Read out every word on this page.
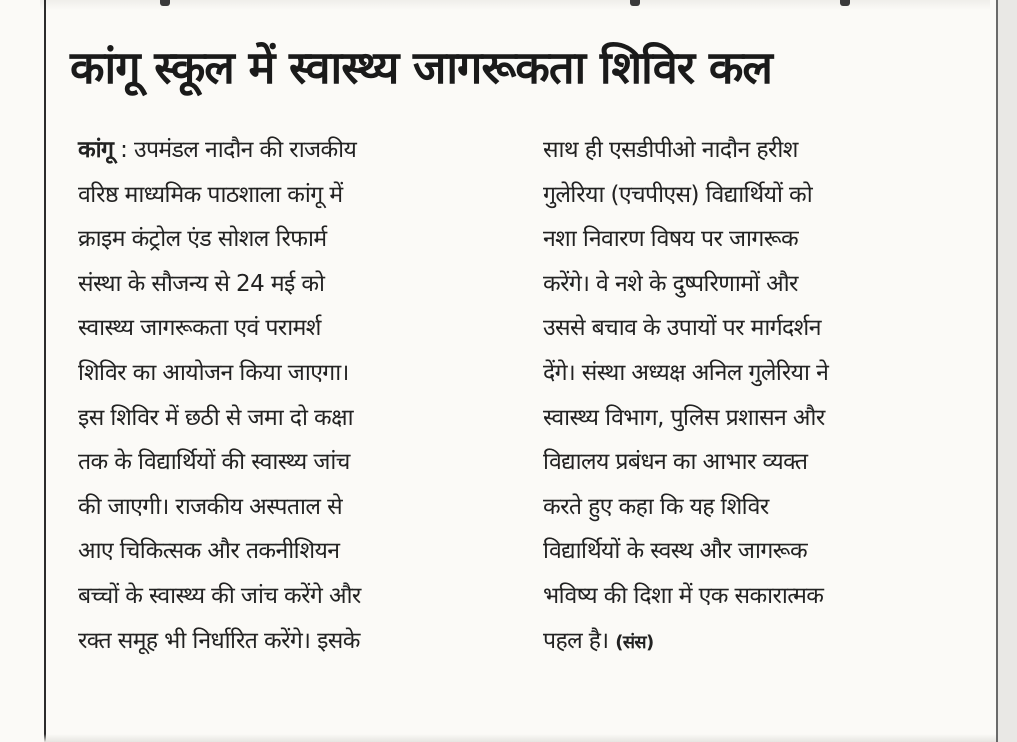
कांगू स्कूल में स्वास्थ्य जागरूकता शिविर कल
कांगू : उपमंडल नादौन की राजकीय
वरिष्ठ माध्यमिक पाठशाला कांगू में
क्राइम कंट्रोल एंड सोशल रिफार्म
संस्था के सौजन्य से 24 मई को
स्वास्थ्य जागरूकता एवं परामर्श
शिविर का आयोजन किया जाएगा।
इस शिविर में छठी से जमा दो कक्षा
तक के विद्यार्थियों की स्वास्थ्य जांच
की जाएगी। राजकीय अस्पताल से
आए चिकित्सक और तकनीशियन
बच्चों के स्वास्थ्य की जांच करेंगे और
रक्त समूह भी निर्धारित करेंगे। इसके
साथ ही एसडीपीओ नादौन हरीश
गुलेरिया (एचपीएस) विद्यार्थियों को
नशा निवारण विषय पर जागरूक
करेंगे। वे नशे के दुष्परिणामों और
उससे बचाव के उपायों पर मार्गदर्शन
देंगे। संस्था अध्यक्ष अनिल गुलेरिया ने
स्वास्थ्य विभाग, पुलिस प्रशासन और
विद्यालय प्रबंधन का आभार व्यक्त
करते हुए कहा कि यह शिविर
विद्यार्थियों के स्वस्थ और जागरूक
भविष्य की दिशा में एक सकारात्मक
पहल है। (संस)
